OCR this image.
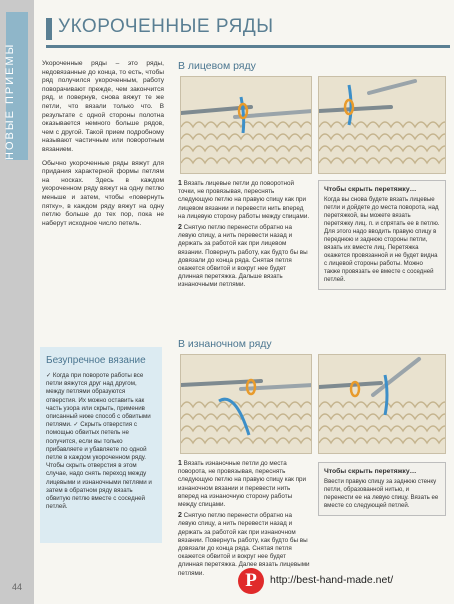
НОВЫЕ ПРИЕМЫ
УКОРОЧЕННЫЕ РЯДЫ

Укороченные ряды – это ряды, недовязанные до конца, то есть, чтобы ряд получился укороченным, работу поворачивают прежде, чем закончится ряд, и повернув, снова вяжут те же петли, что вязали только что. В результате с одной стороны полотна оказывается немного больше рядов, чем с другой. Такой прием подробному называют частичным или поворотным вязанием.

Обычно укороченные ряды вяжут для придания характерной формы петлям на носках. Здесь в каждом укороченном ряду вяжут на одну петлю меньше и затем, чтобы «повернуть пятку», в каждом ряду вяжут на одну петлю больше до тех пор, пока не наберут исходное число петель.

Безупречное вязание
✓ Когда при повороте работы все петли вяжутся друг над другом, между петлями образуются отверстия. Их можно оставить как часть узора или скрыть, применив описанный ниже способ с обвитыми петлями. ✓ Скрыть отверстия с помощью обвитых петель не получится, если вы только прибавляете и убавляете по одной петле в каждом укороченном ряду. Чтобы скрыть отверстия в этом случае, надо снять переход между лицевыми и изнаночными петлями и затем в обратном ряду вязать обвитую петлю вместе с соседней петлей.
В лицевом ряду

1 Вязать лицевые петли до поворотной точки, не провязывая, переснять следующую петлю на правую спицу как при лицевом вязании и перевести нить вперед на лицевую сторону работы между спицами.

2 Снятую петлю перенести обратно на левую спицу, а нить перевести назад и держать за работой как при лицевом вязании. Повернуть работу, как будто бы вы довязали до конца ряда. Снятая петля окажется обвитой и вокруг нее будет длинная перетяжка. Дальше вязать изнаночными петлями.

Чтобы скрыть перетяжку…
Когда вы снова будете вязать лицевые петли и дойдете до места поворота, над перетяжкой, вы можете вязать перетяжку лиц. п. и спрятать ее в петлю. Для этого надо вводить правую спицу в переднюю и заднюю стороны петли, вязать их вместе лиц. Перетяжка окажется провязанной и не будет видна с лицевой стороны работы. Можно также провязать ее вместе с соседней петлей.
В изнаночном ряду

1 Вязать изнаночные петли до места поворота, не провязывая, переснять следующую петлю на правую спицу как при изнаночном вязании и перевести нить вперед на изнаночную сторону работы между спицами.

2 Снятую петлю перенести обратно на левую спицу, а нить перевести назад и держать за работой как при изнаночном вязании. Повернуть работу, как будто бы вы довязали до конца ряда. Снятая петля окажется обвитой и вокруг нее будет длинная перетяжка. Далее вязать лицевыми петлями.

Чтобы скрыть перетяжку…
Ввести правую спицу за заднюю стенку петли, образованной нитью, и перенести ее на левую спицу. Вязать ее вместе со следующей петлей.
44	P	http://best-hand-made.net/
